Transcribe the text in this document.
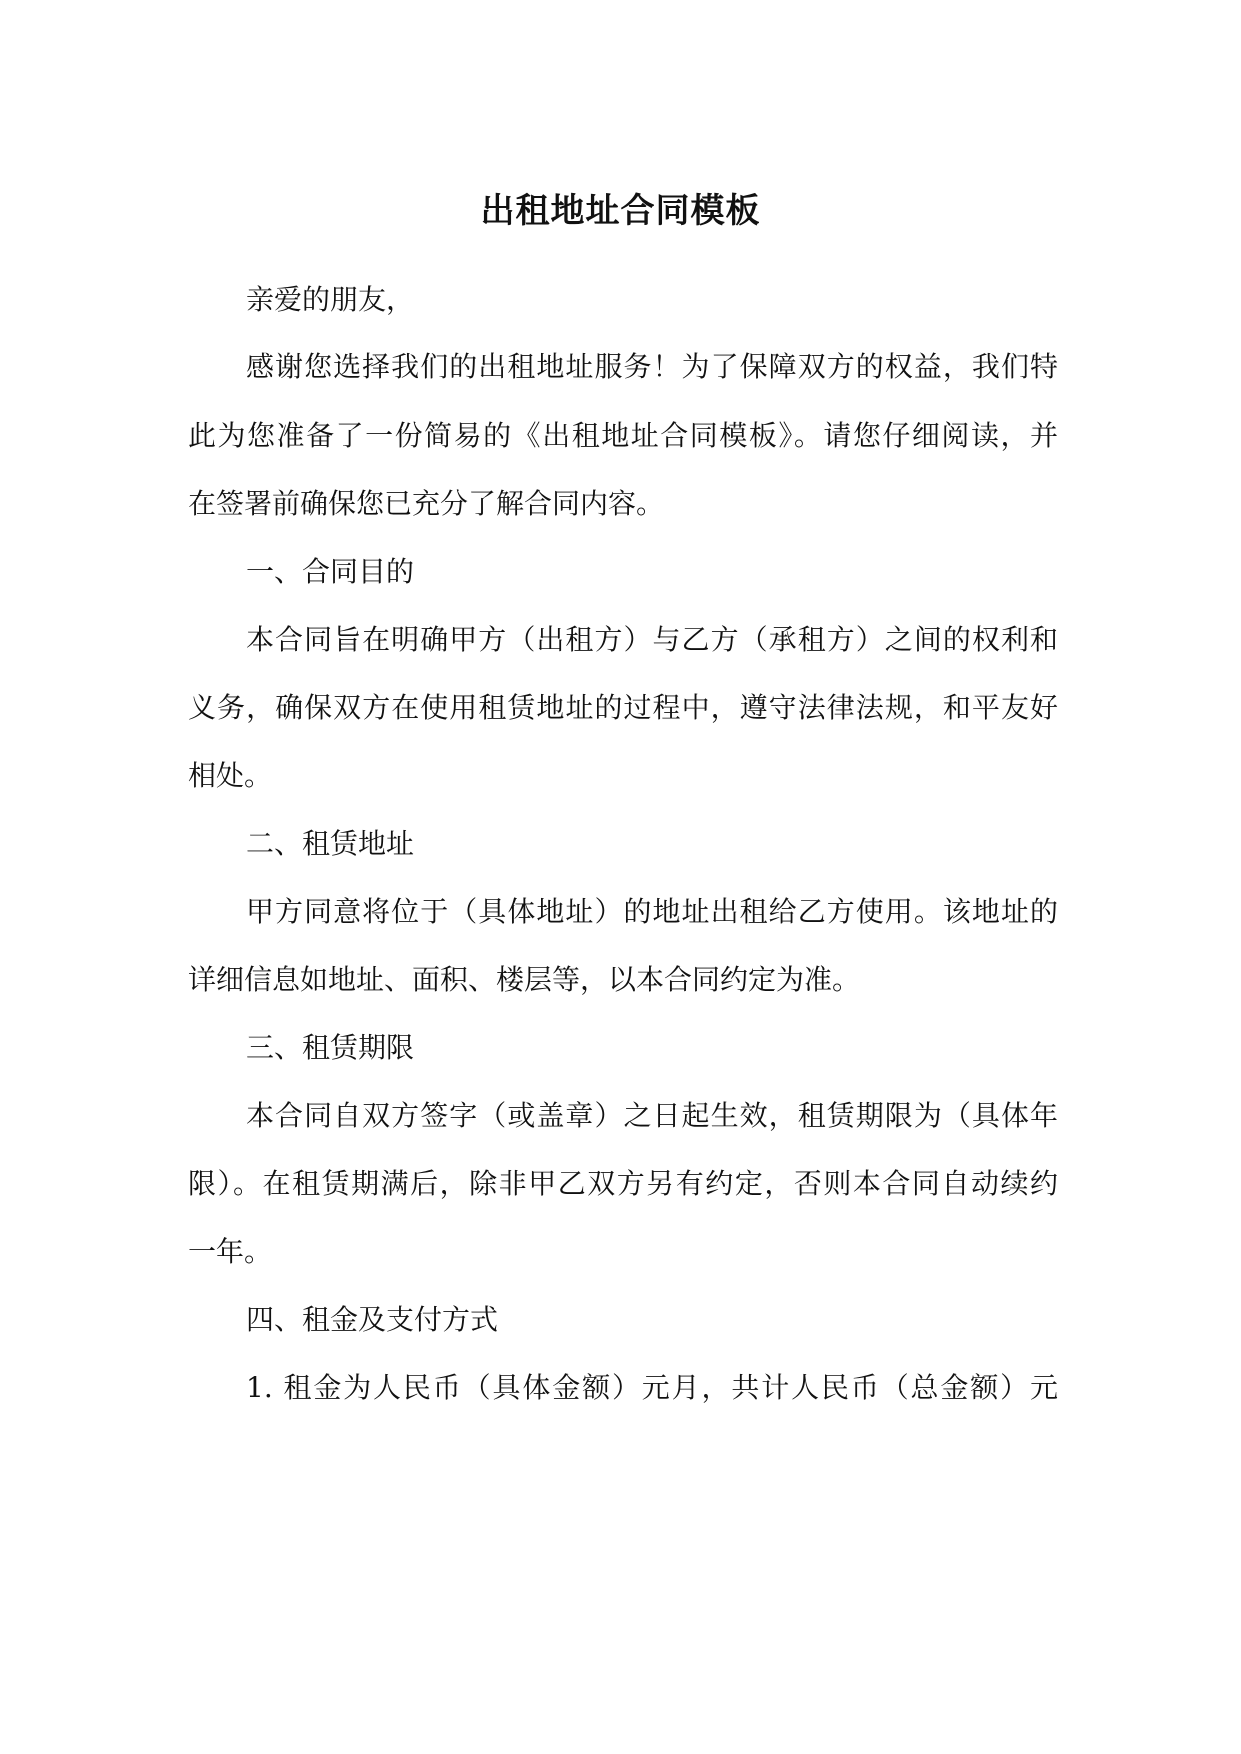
出租地址合同模板
亲爱的朋友，
感谢您选择我们的出租地址服务！为了保障双方的权益，我们特
此为您准备了一份简易的《出租地址合同模板》。请您仔细阅读，并
在签署前确保您已充分了解合同内容。
一、合同目的
本合同旨在明确甲方（出租方）与乙方（承租方）之间的权利和
义务，确保双方在使用租赁地址的过程中，遵守法律法规，和平友好
相处。
二、租赁地址
甲方同意将位于（具体地址）的地址出租给乙方使用。该地址的
详细信息如地址、面积、楼层等，以本合同约定为准。
三、租赁期限
本合同自双方签字（或盖章）之日起生效，租赁期限为（具体年
限）。在租赁期满后，除非甲乙双方另有约定，否则本合同自动续约
一年。
四、租金及支付方式
1. 租金为人民币（具体金额）元月，共计人民币（总金额）元
